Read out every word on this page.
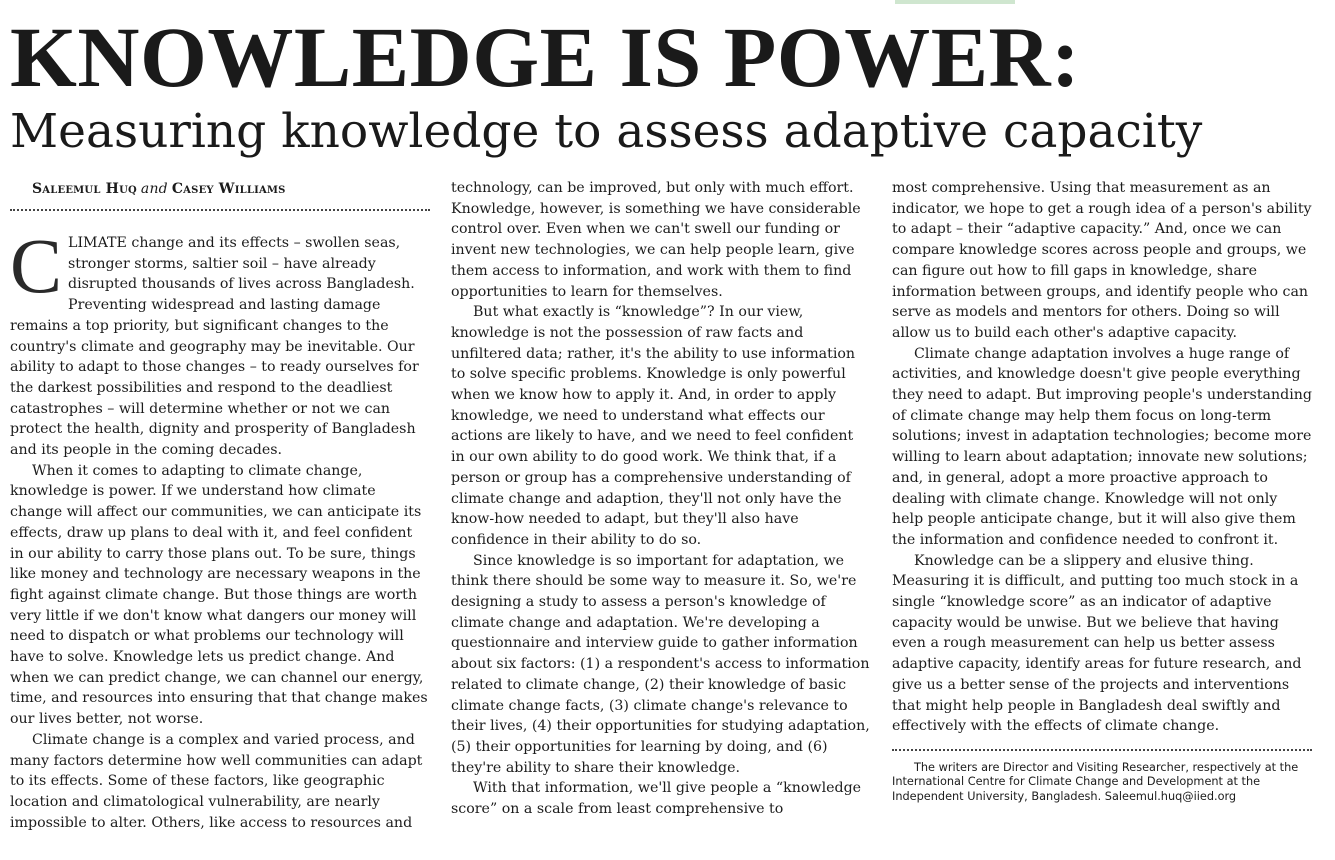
KNOWLEDGE IS POWER:
Measuring knowledge to assess adaptive capacity

Saleemul Huq and Casey Williams

CLIMATE change and its effects – swollen seas, stronger storms, saltier soil – have already disrupted thousands of lives across Bangladesh. Preventing widespread and lasting damage remains a top priority, but significant changes to the country's climate and geography may be inevitable. Our ability to adapt to those changes – to ready ourselves for the darkest possibilities and respond to the deadliest catastrophes – will determine whether or not we can protect the health, dignity and prosperity of Bangladesh and its people in the coming decades.

When it comes to adapting to climate change, knowledge is power. If we understand how climate change will affect our communities, we can anticipate its effects, draw up plans to deal with it, and feel confident in our ability to carry those plans out. To be sure, things like money and technology are necessary weapons in the fight against climate change. But those things are worth very little if we don't know what dangers our money will need to dispatch or what problems our technology will have to solve. Knowledge lets us predict change. And when we can predict change, we can channel our energy, time, and resources into ensuring that that change makes our lives better, not worse.

Climate change is a complex and varied process, and many factors determine how well communities can adapt to its effects. Some of these factors, like geographic location and climatological vulnerability, are nearly impossible to alter. Others, like access to resources and

technology, can be improved, but only with much effort. Knowledge, however, is something we have considerable control over. Even when we can't swell our funding or invent new technologies, we can help people learn, give them access to information, and work with them to find opportunities to learn for themselves.

But what exactly is “knowledge”? In our view, knowledge is not the possession of raw facts and unfiltered data; rather, it's the ability to use information to solve specific problems. Knowledge is only powerful when we know how to apply it. And, in order to apply knowledge, we need to understand what effects our actions are likely to have, and we need to feel confident in our own ability to do good work. We think that, if a person or group has a comprehensive understanding of climate change and adaption, they'll not only have the know-how needed to adapt, but they'll also have confidence in their ability to do so.

Since knowledge is so important for adaptation, we think there should be some way to measure it. So, we're designing a study to assess a person's knowledge of climate change and adaptation. We're developing a questionnaire and interview guide to gather information about six factors: (1) a respondent's access to information related to climate change, (2) their knowledge of basic climate change facts, (3) climate change's relevance to their lives, (4) their opportunities for studying adaptation, (5) their opportunities for learning by doing, and (6) they're ability to share their knowledge.

With that information, we'll give people a “knowledge score” on a scale from least comprehensive to

most comprehensive. Using that measurement as an indicator, we hope to get a rough idea of a person's ability to adapt – their “adaptive capacity.” And, once we can compare knowledge scores across people and groups, we can figure out how to fill gaps in knowledge, share information between groups, and identify people who can serve as models and mentors for others. Doing so will allow us to build each other's adaptive capacity.

Climate change adaptation involves a huge range of activities, and knowledge doesn't give people everything they need to adapt. But improving people's understanding of climate change may help them focus on long-term solutions; invest in adaptation technologies; become more willing to learn about adaptation; innovate new solutions; and, in general, adopt a more proactive approach to dealing with climate change. Knowledge will not only help people anticipate change, but it will also give them the information and confidence needed to confront it.

Knowledge can be a slippery and elusive thing. Measuring it is difficult, and putting too much stock in a single “knowledge score” as an indicator of adaptive capacity would be unwise. But we believe that having even a rough measurement can help us better assess adaptive capacity, identify areas for future research, and give us a better sense of the projects and interventions that might help people in Bangladesh deal swiftly and effectively with the effects of climate change.

The writers are Director and Visiting Researcher, respectively at the International Centre for Climate Change and Development at the Independent University, Bangladesh. Saleemul.huq@iied.org
